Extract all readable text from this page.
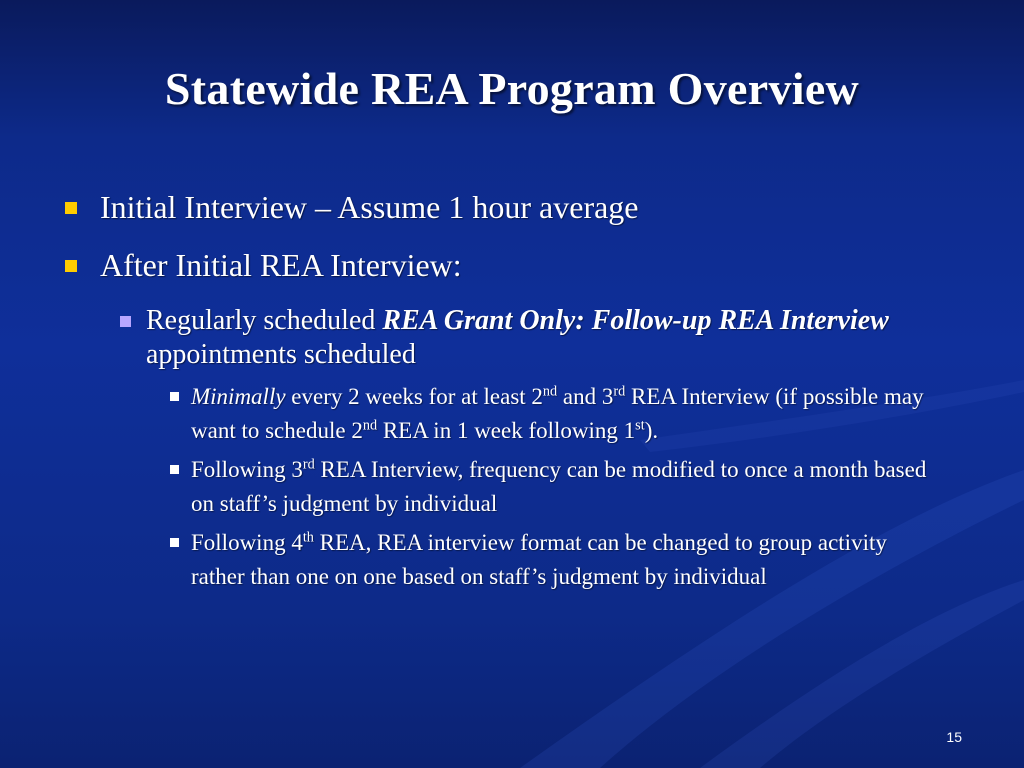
Statewide REA Program Overview
Initial Interview – Assume 1 hour average
After Initial REA Interview:
Regularly scheduled REA Grant Only: Follow-up REA Interview appointments scheduled
Minimally every 2 weeks for at least 2nd and 3rd REA Interview (if possible may want to schedule 2nd REA in 1 week following 1st).
Following 3rd REA Interview, frequency can be modified to once a month based on staff’s judgment by individual
Following 4th REA, REA interview format can be changed to group activity rather than one on one based on staff’s judgment by individual
15
